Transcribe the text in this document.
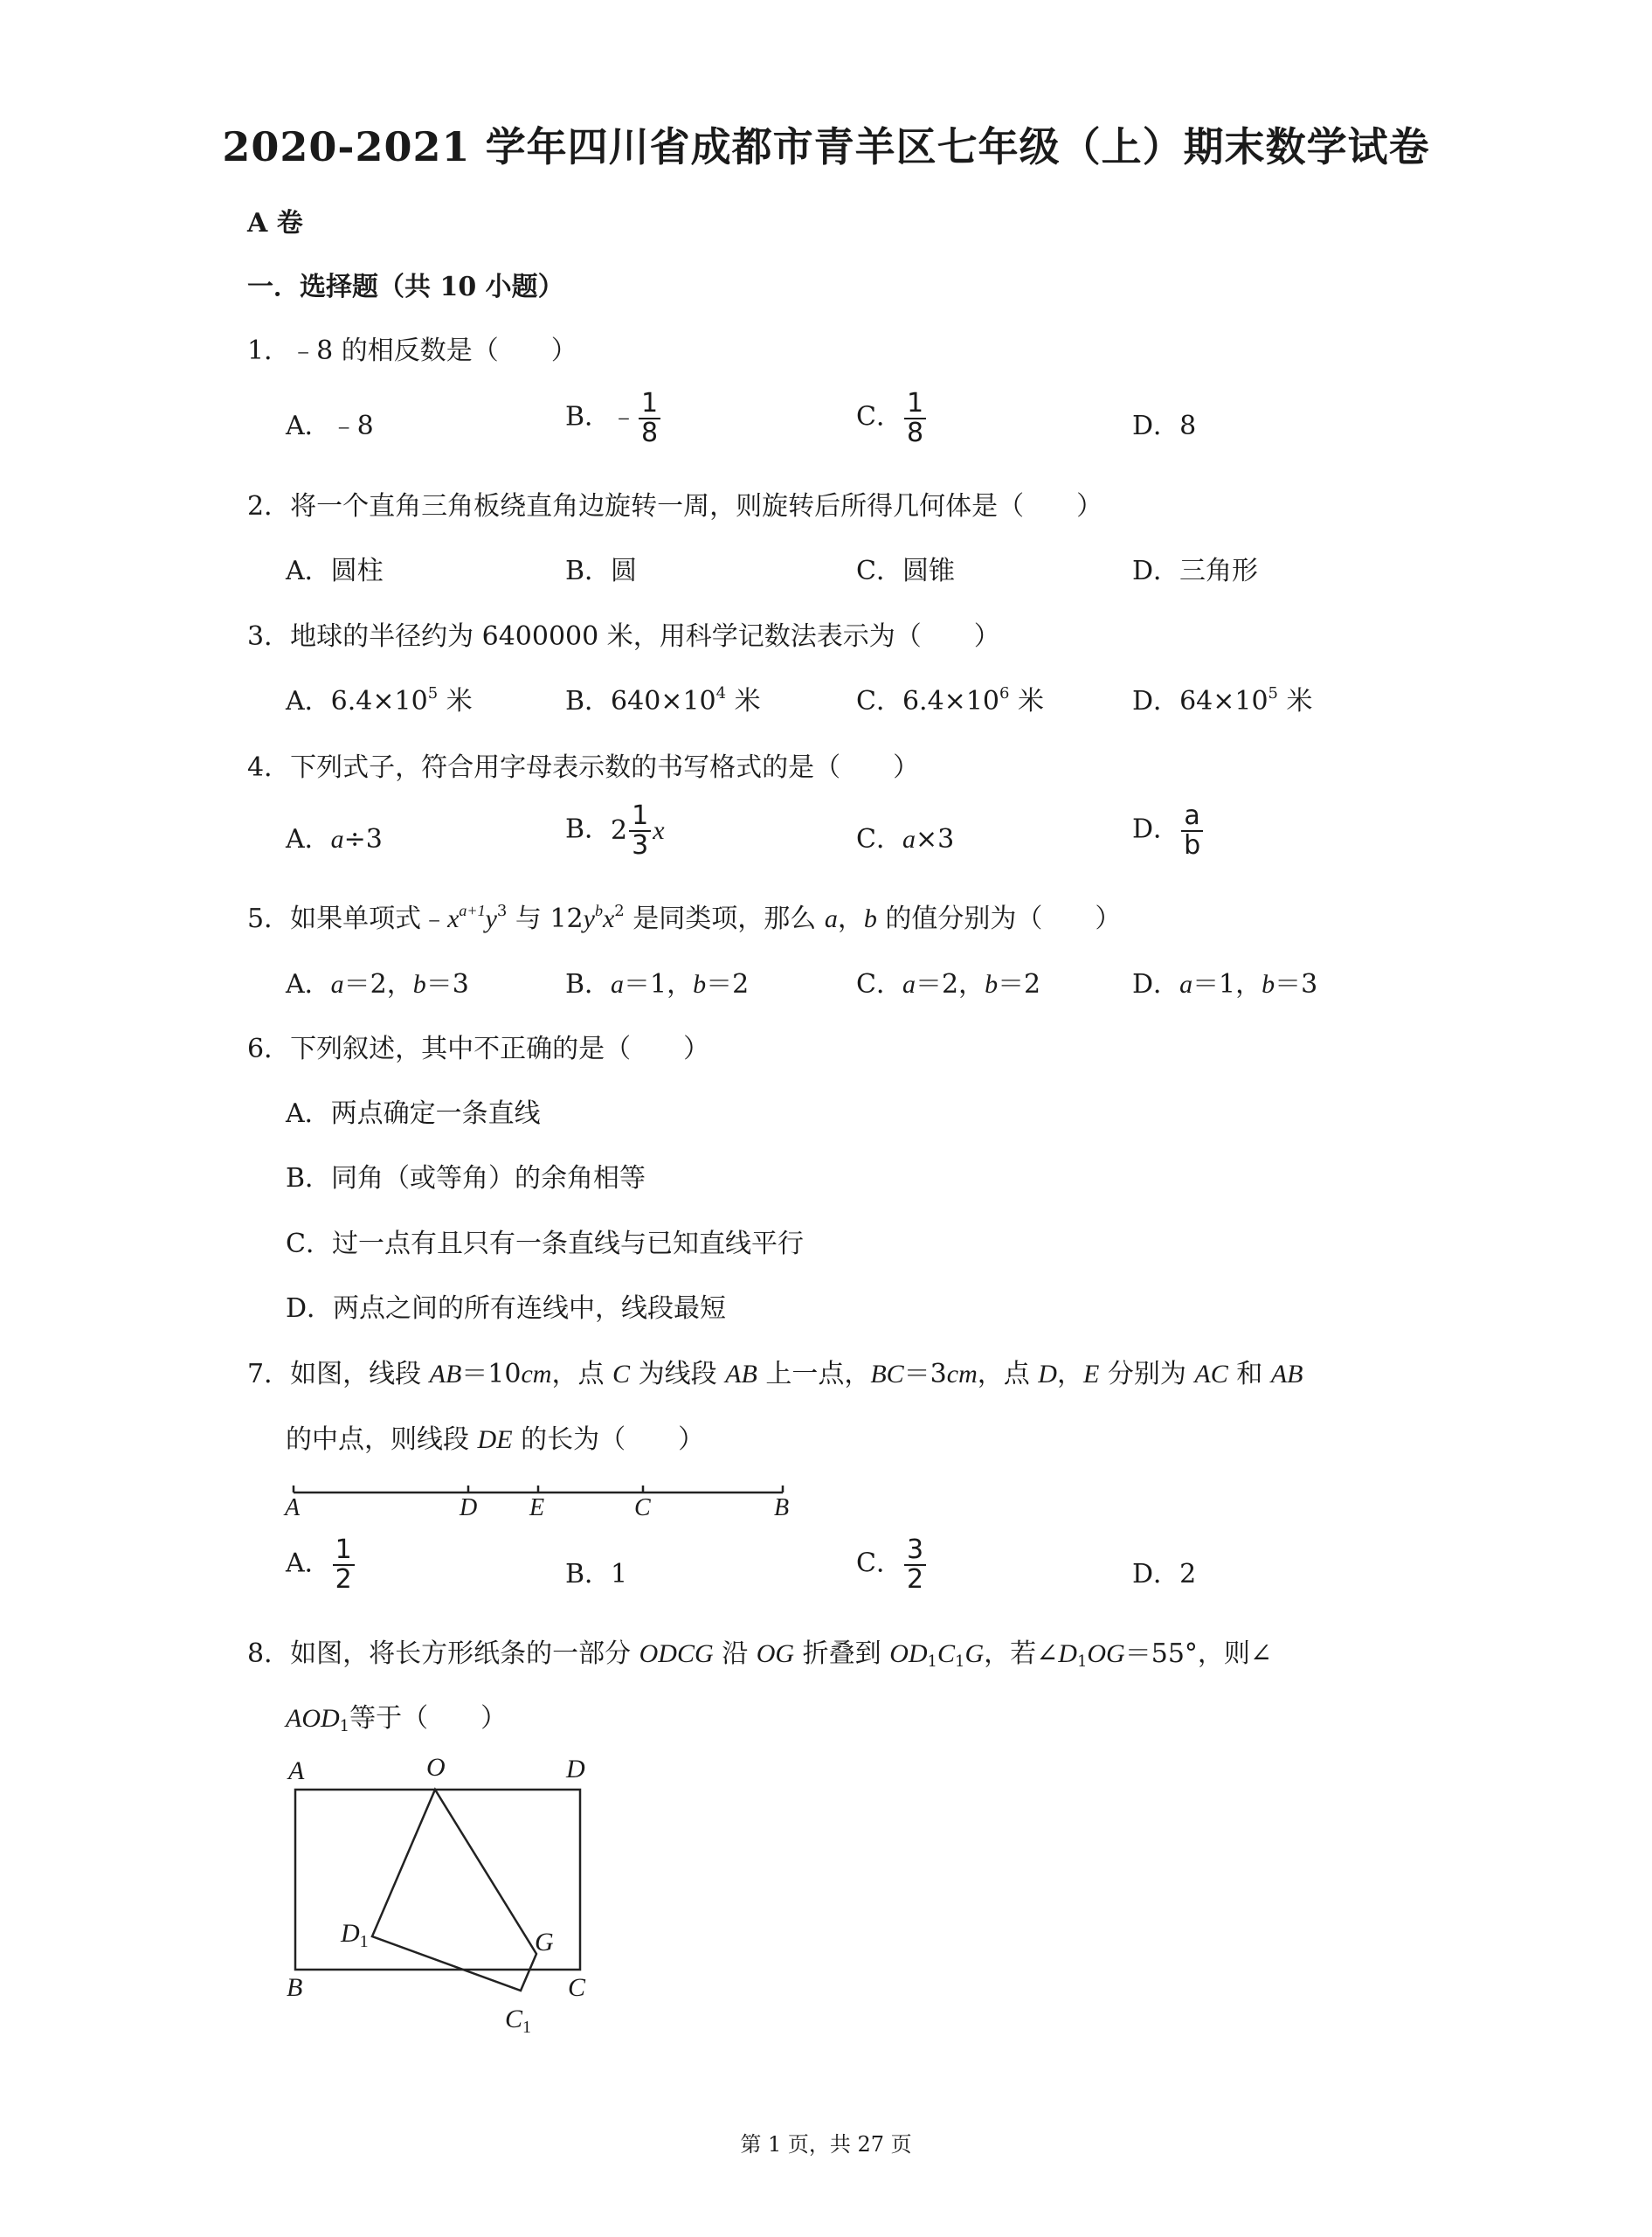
2020-2021 学年四川省成都市青羊区七年级（上）期末数学试卷
A 卷
一．选择题（共 10 小题）
1．﹣8 的相反数是（　　）
A．﹣8	B．﹣ $\frac{1}{8}$	C． $\frac{1}{8}$	D．8
2．将一个直角三角板绕直角边旋转一周，则旋转后所得几何体是（　　）
A．圆柱	B．圆	C．圆锥	D．三角形
3．地球的半径约为 6400000 米，用科学记数法表示为（　　）
A．$6.4\times 10^5$ 米	B．$640\times 10^4$ 米	C．$6.4\times 10^6$ 米	D．$64\times 10^5$ 米
4．下列式子，符合用字母表示数的书写格式的是（　　）
A．a÷3	B． $2 \frac{1}{3}$ x	C．a×3	D． $\frac{a}{b}$
5．如果单项式$﹣x^{a+1}y^3$ 与 $12y^bx^2$ 是同类项，那么 a，b 的值分别为（　　）
A．a＝2，b＝3	B．a＝1，b＝2	C．a＝2，b＝2	D．a＝1，b＝3
6．下列叙述，其中不正确的是（　　）
A．两点确定一条直线
B．同角（或等角）的余角相等
C．过一点有且只有一条直线与已知直线平行
D．两点之间的所有连线中，线段最短
7．如图，线段 AB＝10cm，点 C 为线段 AB 上一点，BC＝3cm，点 D，E 分别为 AC 和 AB
的中点，则线段 DE 的长为（　　）
A	D E	C	B
A． $\frac{1}{2}$	B．1	C． $\frac{3}{2}$	D．2
8．如图，将长方形纸条的一部分 ODCG 沿 OG 折叠到 $OD_1C_1G$，若$\angle D_1OG=55^\circ$，则∠
$AOD_1$等于（　　）
A	O	D
$D_1$	G
B	C
$C_1$
第 1 页，共 27 页
